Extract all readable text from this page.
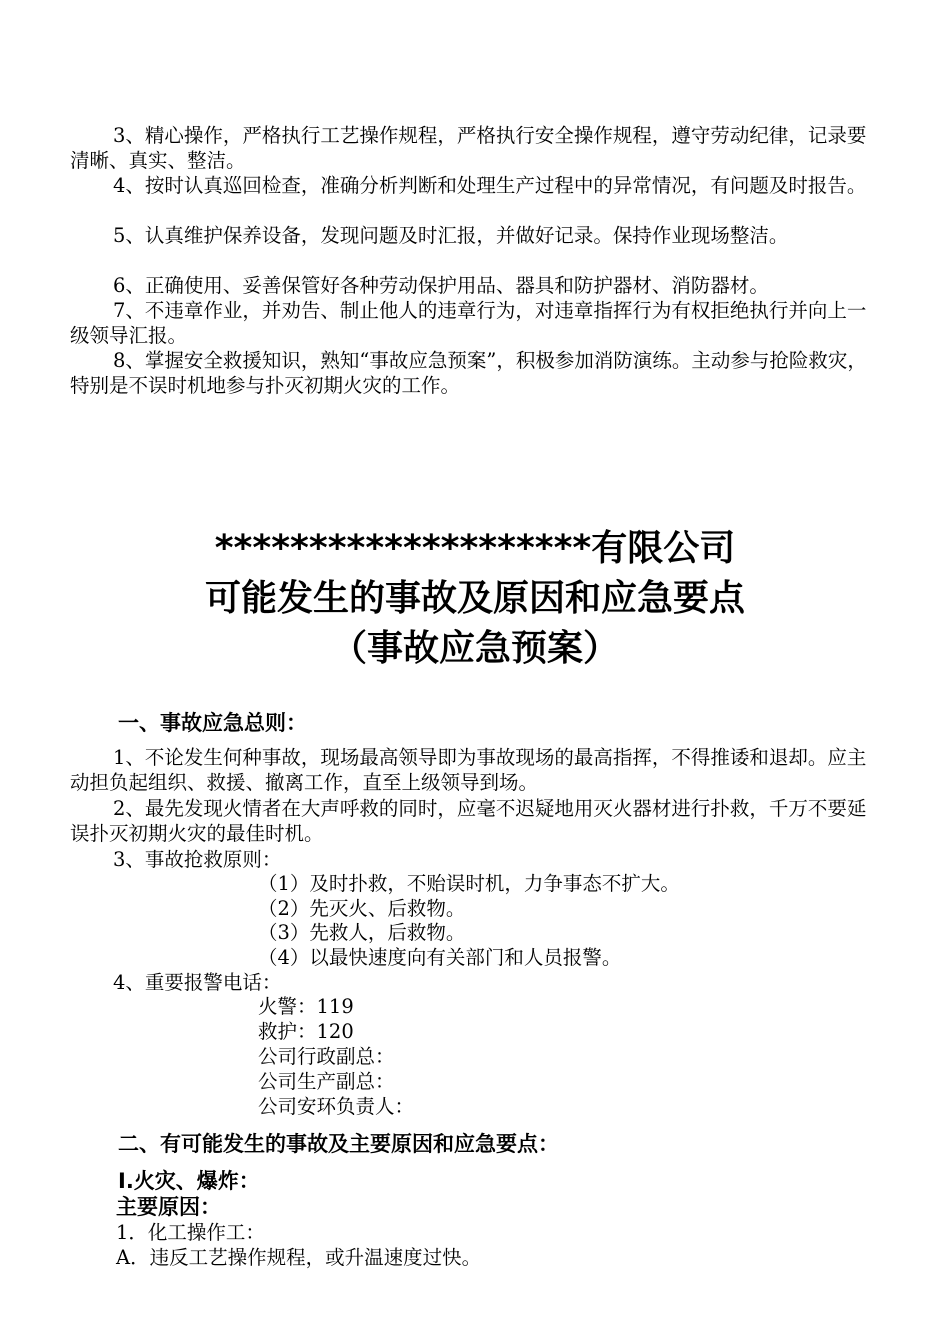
3、精心操作，严格执行工艺操作规程，严格执行安全操作规程，遵守劳动纪律，记录要清晰、真实、整洁。

4、按时认真巡回检查，准确分析判断和处理生产过程中的异常情况，有问题及时报告。

5、认真维护保养设备，发现问题及时汇报，并做好记录。保持作业现场整洁。

6、正确使用、妥善保管好各种劳动保护用品、器具和防护器材、消防器材。

7、不违章作业，并劝告、制止他人的违章行为，对违章指挥行为有权拒绝执行并向上一级领导汇报。

8、掌握安全救援知识，熟知“事故应急预案”，积极参加消防演练。主动参与抢险救灾，特别是不误时机地参与扑灭初期火灾的工作。

********************有限公司
可能发生的事故及原因和应急要点
（事故应急预案）
一、事故应急总则：

1、不论发生何种事故，现场最高领导即为事故现场的最高指挥，不得推诿和退却。应主动担负起组织、救援、撤离工作，直至上级领导到场。

2、最先发现火情者在大声呼救的同时，应毫不迟疑地用灭火器材进行扑救，千万不要延误扑灭初期火灾的最佳时机。

3、事故抢救原则：

（1）及时扑救，不贻误时机，力争事态不扩大。

（2）先灭火、后救物。

（3）先救人，后救物。

（4）以最快速度向有关部门和人员报警。

4、重要报警电话：

火警：119

救护：120

公司行政副总：

公司生产副总：

公司安环负责人：

二、有可能发生的事故及主要原因和应急要点：
Ⅰ.火灾、爆炸：
主要原因：

1．化工操作工：

A．违反工艺操作规程，或升温速度过快。
